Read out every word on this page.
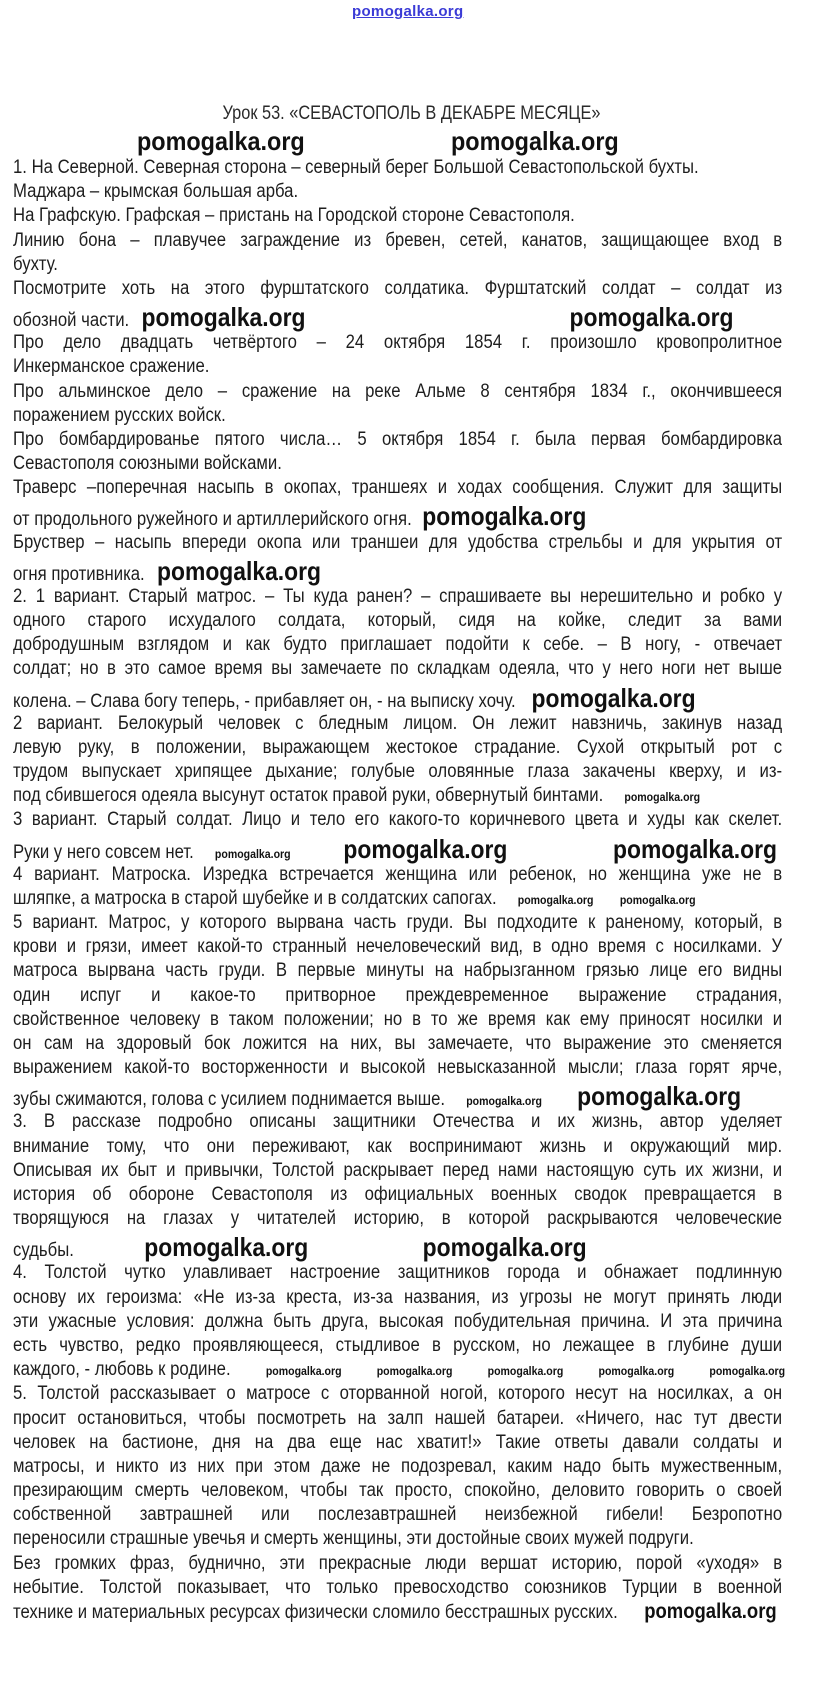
pomogalka.org
Урок 53. «СЕВАСТОПОЛЬ В ДЕКАБРЕ МЕСЯЦЕ»
pomogalka.org	pomogalka.org
1. На Северной. Северная сторона – северный берег Большой Севастопольской бухты.
Маджара – крымская большая арба.
На Графскую. Графская – пристань на Городской стороне Севастополя.
Линию бона – плавучее заграждение из бревен, сетей, канатов, защищающее вход в
бухту.
Посмотрите хоть на этого фурштатского солдатика. Фурштатский солдат – солдат из
обозной части. pomogalka.org	pomogalka.org
Про дело двадцать четвёртого – 24 октября 1854 г. произошло кровопролитное
Инкерманское сражение.
Про альминское дело – сражение на реке Альме 8 сентября 1834 г., окончившееся
поражением русских войск.
Про бомбардированье пятого числа… 5 октября 1854 г. была первая бомбардировка
Севастополя союзными войсками.
Траверс –поперечная насыпь в окопах, траншеях и ходах сообщения. Служит для защиты
от продольного ружейного и артиллерийского огня. pomogalka.org
Бруствер – насыпь впереди окопа или траншеи для удобства стрельбы и для укрытия от
огня противника. pomogalka.org
2. 1 вариант. Старый матрос. – Ты куда ранен? – спрашиваете вы нерешительно и робко у
одного старого исхудалого солдата, который, сидя на койке, следит за вами
добродушным взглядом и как будто приглашает подойти к себе. – В ногу, - отвечает
солдат; но в это самое время вы замечаете по складкам одеяла, что у него ноги нет выше
колена. – Слава богу теперь, - прибавляет он, - на выписку хочу. pomogalka.org
2 вариант. Белокурый человек с бледным лицом. Он лежит навзничь, закинув назад
левую руку, в положении, выражающем жестокое страдание. Сухой открытый рот с
трудом выпускает хрипящее дыхание; голубые оловянные глаза закачены кверху, и из-
под сбившегося одеяла высунут остаток правой руки, обвернутый бинтами. pomogalka.org
3 вариант. Старый солдат. Лицо и тело его какого-то коричневого цвета и худы как скелет.
Руки у него совсем нет. pomogalka.org pomogalka.org	pomogalka.org
4 вариант. Матроска. Изредка встречается женщина или ребенок, но женщина уже не в
шляпке, а матроска в старой шубейке и в солдатских сапогах. pomogalka.org pomogalka.org
5 вариант. Матрос, у которого вырвана часть груди. Вы подходите к раненому, который, в
крови и грязи, имеет какой-то странный нечеловеческий вид, в одно время с носилками. У
матроса вырвана часть груди. В первые минуты на набрызганном грязью лице его видны
один испуг и какое-то притворное преждевременное выражение страдания,
свойственное человеку в таком положении; но в то же время как ему приносят носилки и
он сам на здоровый бок ложится на них, вы замечаете, что выражение это сменяется
выражением какой-то восторженности и высокой невысказанной мысли; глаза горят ярче,
зубы сжимаются, голова с усилием поднимается выше. pomogalka.org pomogalka.org
3. В рассказе подробно описаны защитники Отечества и их жизнь, автор уделяет
внимание тому, что они переживают, как воспринимают жизнь и окружающий мир.
Описывая их быт и привычки, Толстой раскрывает перед нами настоящую суть их жизни, и
история об обороне Севастополя из официальных военных сводок превращается в
творящуюся на глазах у читателей историю, в которой раскрываются человеческие
судьбы.	pomogalka.org	pomogalka.org
4. Толстой чутко улавливает настроение защитников города и обнажает подлинную
основу их героизма: «Не из-за креста, из-за названия, из угрозы не могут принять люди
эти ужасные условия: должна быть друга, высокая побудительная причина. И эта причина
есть чувство, редко проявляющееся, стыдливое в русском, но лежащее в глубине души
каждого, - любовь к родине.	pomogalka.org	pomogalka.org	pomogalka.org	pomogalka.org	pomogalka.org
5. Толстой рассказывает о матросе с оторванной ногой, которого несут на носилках, а он
просит остановиться, чтобы посмотреть на залп нашей батареи. «Ничего, нас тут двести
человек на бастионе, дня на два еще нас хватит!» Такие ответы давали солдаты и
матросы, и никто из них при этом даже не подозревал, каким надо быть мужественным,
презирающим смерть человеком, чтобы так просто, спокойно, деловито говорить о своей
собственной завтрашней или послезавтрашней неизбежной гибели! Безропотно
переносили страшные увечья и смерть женщины, эти достойные своих мужей подруги.
Без громких фраз, буднично, эти прекрасные люди вершат историю, порой «уходя» в
небытие. Толстой показывает, что только превосходство союзников Турции в военной
технике и материальных ресурсах физически сломило бесстрашных русских. pomogalka.org
